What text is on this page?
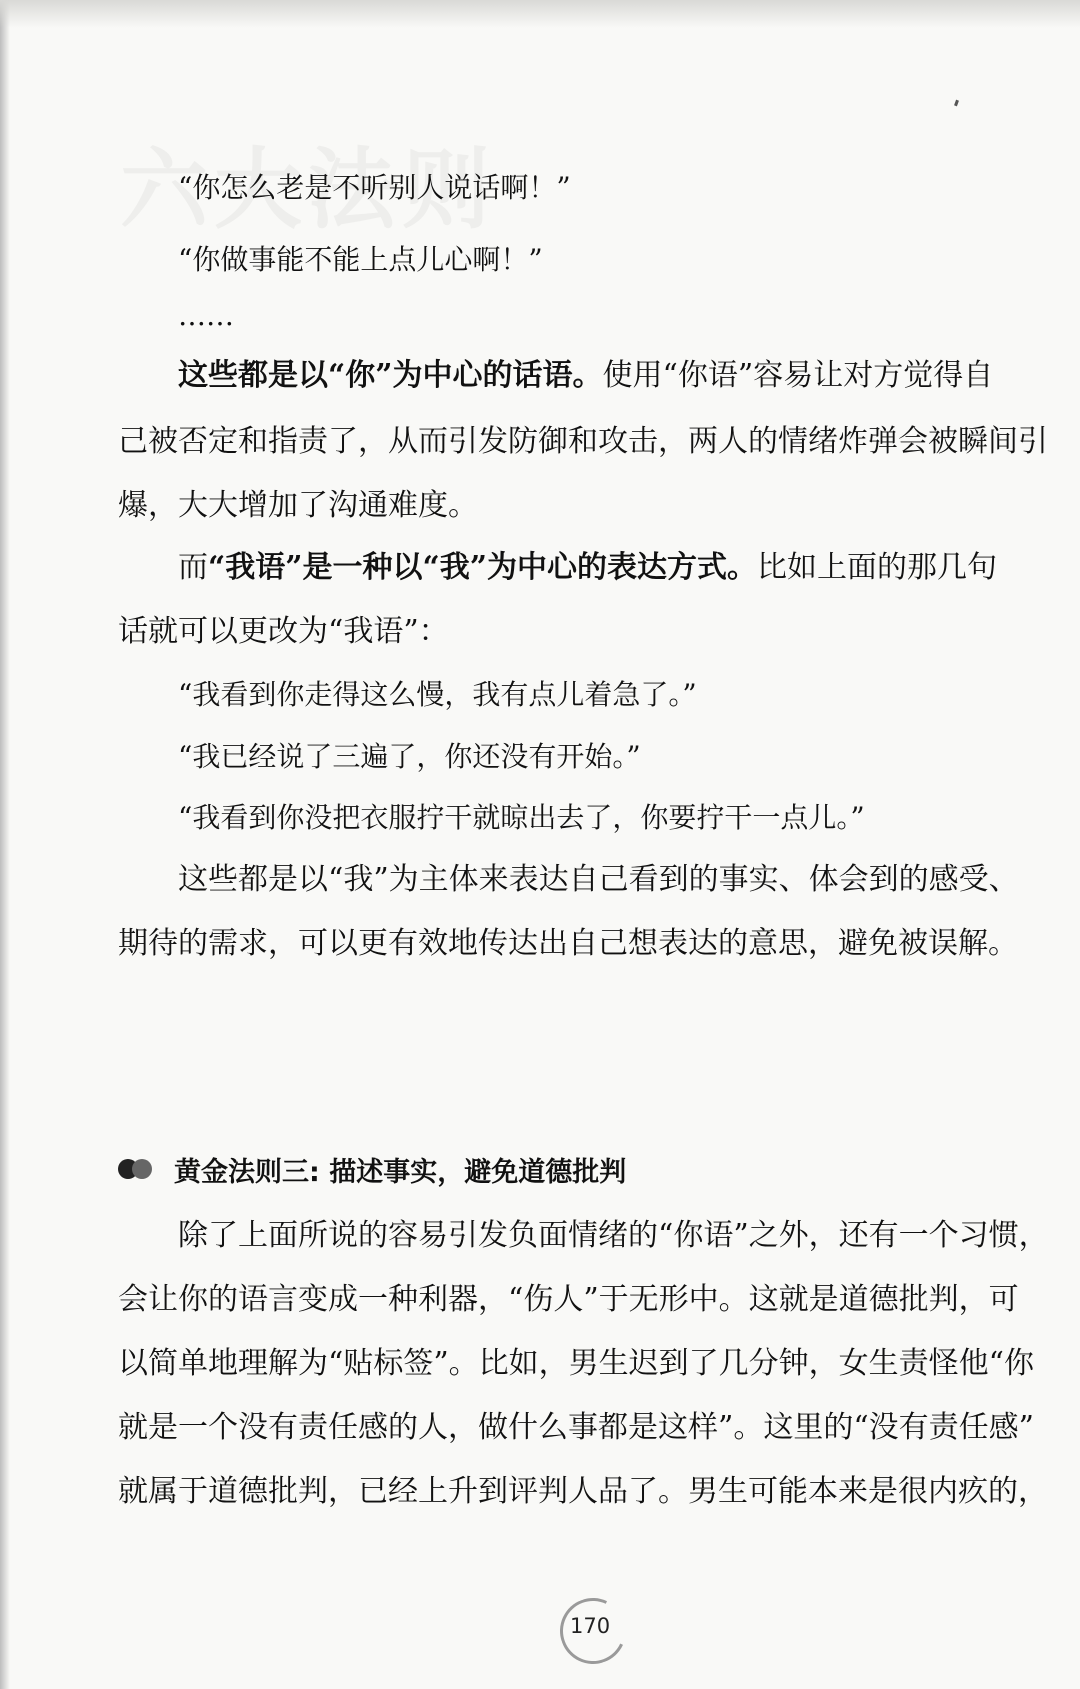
“你怎么老是不听别人说话啊！”
“你做事能不能上点儿心啊！”
……
这些都是以“你”为中心的话语。使用“你语”容易让对方觉得自
己被否定和指责了，从而引发防御和攻击，两人的情绪炸弹会被瞬间引
爆，大大增加了沟通难度。
而“我语”是一种以“我”为中心的表达方式。比如上面的那几句
话就可以更改为“我语”：
“我看到你走得这么慢，我有点儿着急了。”
“我已经说了三遍了，你还没有开始。”
“我看到你没把衣服拧干就晾出去了，你要拧干一点儿。”
这些都是以“我”为主体来表达自己看到的事实、体会到的感受、
期待的需求，可以更有效地传达出自己想表达的意思，避免被误解。
黄金法则三: 描述事实，避免道德批判
除了上面所说的容易引发负面情绪的“你语”之外，还有一个习惯，
会让你的语言变成一种利器，“伤人”于无形中。这就是道德批判，可
以简单地理解为“贴标签”。比如，男生迟到了几分钟，女生责怪他“你
就是一个没有责任感的人，做什么事都是这样”。这里的“没有责任感”
就属于道德批判，已经上升到评判人品了。男生可能本来是很内疚的，
170
